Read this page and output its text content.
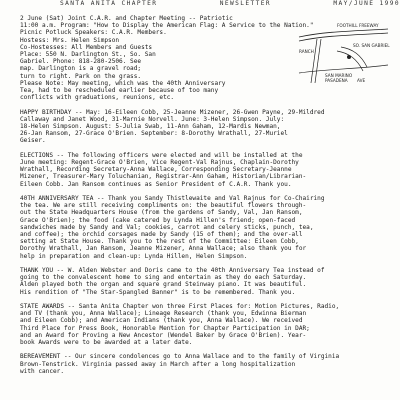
SANTA ANITA CHAPTER	NEWSLETTER	MAY/JUNE 1990
FOOTHILL FREEWAY
RANCH
SO. SAN GABRIEL
SAN MARINO
PASADENA AVE
2 June (Sat) Joint C.A.R. and Chapter Meeting -- Patriotic
11:00 a.m. Program: "How to Display the American Flag: A Service to the Nation."
Picnic Potluck Speakers: C.A.R. Members.
Hostess: Mrs. Helen Simpson
Co-Hostesses: All Members and Guests
Place: 550 N. Darlington St., So. San
Gabriel. Phone: 818-280-2506. See
map. Darlington is a gravel road;
turn to right. Park on the grass.
Please Note: May meeting, which was the 40th Anniversary
Tea, had to be rescheduled earlier because of too many
conflicts with graduations, reunions, etc.
HAPPY BIRTHDAY -- May: 16-Eileen Cobb, 25-Jeanne Mizener, 26-Gwen Payne, 29-Mildred
Callaway and Janet Wood, 31-Marnie Norvell. June: 3-Helen Simpson. July:
18-Helen Simpson. August: 5-Julia Swab, 11-Ann Gaham, 12-Mardis Newman,
26-Jan Ransom, 27-Grace O'Brien. September: 8-Dorothy Wrathall, 27-Muriel
Geiser.
ELECTIONS -- The following officers were elected and will be installed at the
June meeting: Regent-Grace O'Brien, Vice Regent-Val Rajnus, Chaplain-Dorothy
Wrathall, Recording Secretary-Anna Wallace, Corresponding Secretary-Jeanne
Mizener, Treasurer-Mary Toluchanian, Registrar-Ann Gaham, Historian/Librarian-
Eileen Cobb. Jan Ransom continues as Senior President of C.A.R. Thank you.
40TH ANNIVERSARY TEA -- Thank you Sandy Thistlewaite and Val Rajnus for Co-Chairing
the tea. We are still receiving compliments on: the beautiful flowers through-
out the State Headquarters House (from the gardens of Sandy, Val, Jan Ransom,
Grace O'Brien); the food (cake catered by Lynda Hillen's friend; open-faced
sandwiches made by Sandy and Val; cookies, carrot and celery sticks, punch, tea,
and coffee); the orchid corsages made by Sandy (15 of them); and the over-all
setting at State House. Thank you to the rest of the Committee: Eileen Cobb,
Dorothy Wrathall, Jan Ransom, Jeanne Mizener, Anna Wallace; also thank you for
help in preparation and clean-up: Lynda Hillen, Helen Simpson.
THANK YOU -- W. Alden Webster and Doris came to the 40th Anniversary Tea instead of
going to the convalescent home to sing and entertain as they do each Saturday.
Alden played both the organ and square grand Steinway piano. It was beautiful.
His rendition of "The Star-Spangled Banner" is to be remembered. Thank you.
STATE AWARDS -- Santa Anita Chapter won three First Places for: Motion Pictures, Radio,
and TV (thank you, Anna Wallace); Lineage Research (thank you, Edwinna Bierman
and Eileen Cobb); and American Indians (thank you, Anna Wallace). We received
Third Place for Press Book, Honorable Mention for Chapter Participation in DAR;
and an Award for Proving a New Ancestor (Wendel Baker by Grace O'Brien). Year-
book Awards were to be awarded at a later date.
BEREAVEMENT -- Our sincere condolences go to Anna Wallace and to the family of Virginia
Brown-Tenstrick. Virginia passed away in March after a long hospitalization
with cancer.
